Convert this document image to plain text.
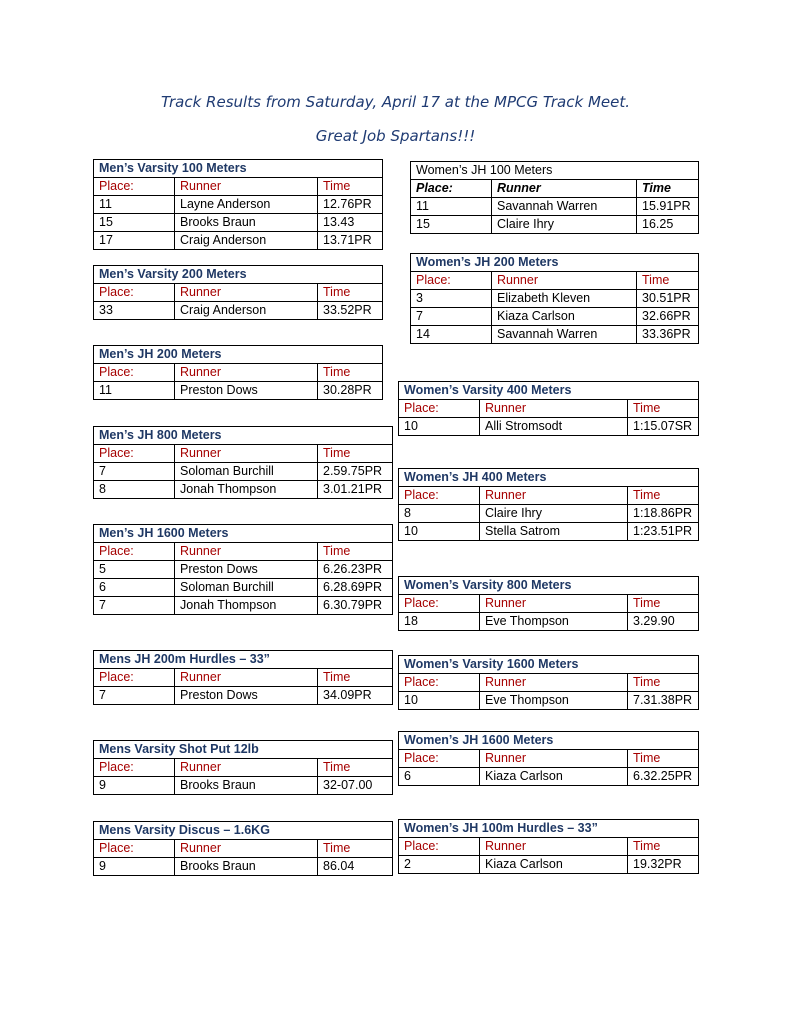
Track Results from Saturday, April 17 at the MPCG Track Meet.
Great Job Spartans!!!
Men’s Varsity 100 Meters		
Place:	Runner	Time
11	Layne Anderson	12.76PR
15	Brooks Braun	13.43
17	Craig Anderson	13.71PR
Men’s Varsity 200 Meters		
Place:	Runner	Time
33	Craig Anderson	33.52PR
Men’s JH 200 Meters		
Place:	Runner	Time
11	Preston Dows	30.28PR
Men’s JH 800 Meters		
Place:	Runner	Time
7	Soloman Burchill	2.59.75PR
8	Jonah Thompson	3.01.21PR
Men’s JH 1600 Meters		
Place:	Runner	Time
5	Preston Dows	6.26.23PR
6	Soloman Burchill	6.28.69PR
7	Jonah Thompson	6.30.79PR
Mens JH 200m Hurdles – 33”		
Place:	Runner	Time
7	Preston Dows	34.09PR
Mens Varsity Shot Put 12lb		
Place:	Runner	Time
9	Brooks Braun	32-07.00
Mens Varsity Discus – 1.6KG		
Place:	Runner	Time
9	Brooks Braun	86.04
Women’s JH 100 Meters		
Place:	Runner	Time
11	Savannah Warren	15.91PR
15	Claire Ihry	16.25
Women’s JH 200 Meters		
Place:	Runner	Time
3	Elizabeth Kleven	30.51PR
7	Kiaza Carlson	32.66PR
14	Savannah Warren	33.36PR
Women’s Varsity 400 Meters		
Place:	Runner	Time
10	Alli Stromsodt	1:15.07SR
Women’s JH 400 Meters		
Place:	Runner	Time
8	Claire Ihry	1:18.86PR
10	Stella Satrom	1:23.51PR
Women’s Varsity 800 Meters		
Place:	Runner	Time
18	Eve Thompson	3.29.90
Women’s Varsity 1600 Meters		
Place:	Runner	Time
10	Eve Thompson	7.31.38PR
Women’s JH 1600 Meters		
Place:	Runner	Time
6	Kiaza Carlson	6.32.25PR
Women’s JH 100m Hurdles – 33”		
Place:	Runner	Time
2	Kiaza Carlson	19.32PR
